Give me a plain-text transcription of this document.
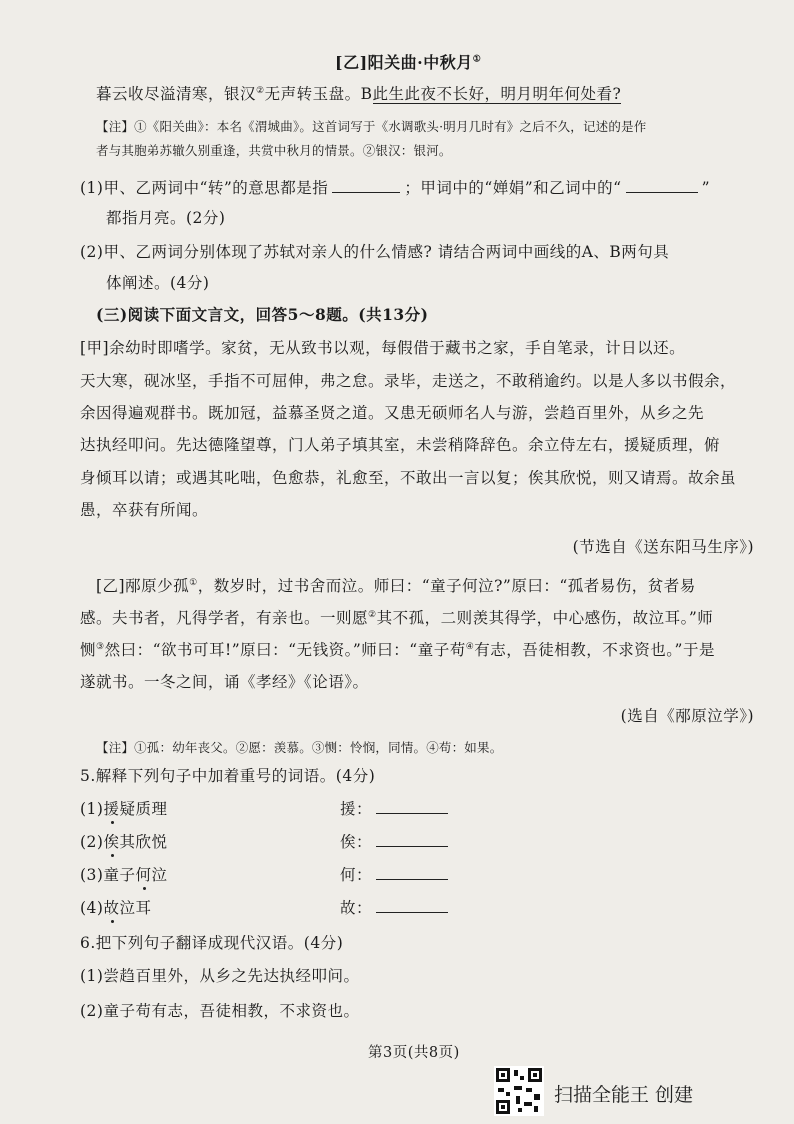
[乙]阳关曲·中秋月①
暮云收尽溢清寒，银汉②无声转玉盘。B此生此夜不长好，明月明年何处看?
【注】①《阳关曲》：本名《渭城曲》。这首词写于《水调歌头·明月几时有》之后不久，记述的是作
者与其胞弟苏辙久别重逢，共赏中秋月的情景。②银汉：银河。
(1)甲、乙两词中“转”的意思都是指	；甲词中的“婵娟”和乙词中的“	”
都指月亮。(2分)
(2)甲、乙两词分别体现了苏轼对亲人的什么情感? 请结合两词中画线的A、B两句具
体阐述。(4分)
(三)阅读下面文言文，回答5～8题。(共13分)
[甲]余幼时即嗜学。家贫，无从致书以观，每假借于藏书之家，手自笔录，计日以还。
天大寒，砚冰坚，手指不可屈伸，弗之怠。录毕，走送之，不敢稍逾约。以是人多以书假余，
余因得遍观群书。既加冠，益慕圣贤之道。又患无硕师名人与游，尝趋百里外，从乡之先
达执经叩问。先达德隆望尊，门人弟子填其室，未尝稍降辞色。余立侍左右，援疑质理，俯
身倾耳以请；或遇其叱咄，色愈恭，礼愈至，不敢出一言以复；俟其欣悦，则又请焉。故余虽
愚，卒获有所闻。
(节选自《送东阳马生序》)
[乙]邴原少孤①，数岁时，过书舍而泣。师曰：“童子何泣?”原曰：“孤者易伤，贫者易
感。夫书者，凡得学者，有亲也。一则愿②其不孤，二则羡其得学，中心感伤，故泣耳。”师
恻③然曰：“欲书可耳!”原曰：“无钱资。”师曰：“童子苟④有志，吾徒相教，不求资也。”于是
遂就书。一冬之间，诵《孝经》《论语》。
(选自《邴原泣学》)
【注】①孤：幼年丧父。②愿：羡慕。③恻：怜悯，同情。④苟：如果。
5.解释下列句子中加着重号的词语。(4分)
(1)援疑质理	援：
(2)俟其欣悦	俟：
(3)童子何泣	何：
(4)故泣耳	故：
6.把下列句子翻译成现代汉语。(4分)
(1)尝趋百里外，从乡之先达执经叩问。
(2)童子苟有志，吾徒相教，不求资也。
第3页(共8页)
扫描全能王 创建
